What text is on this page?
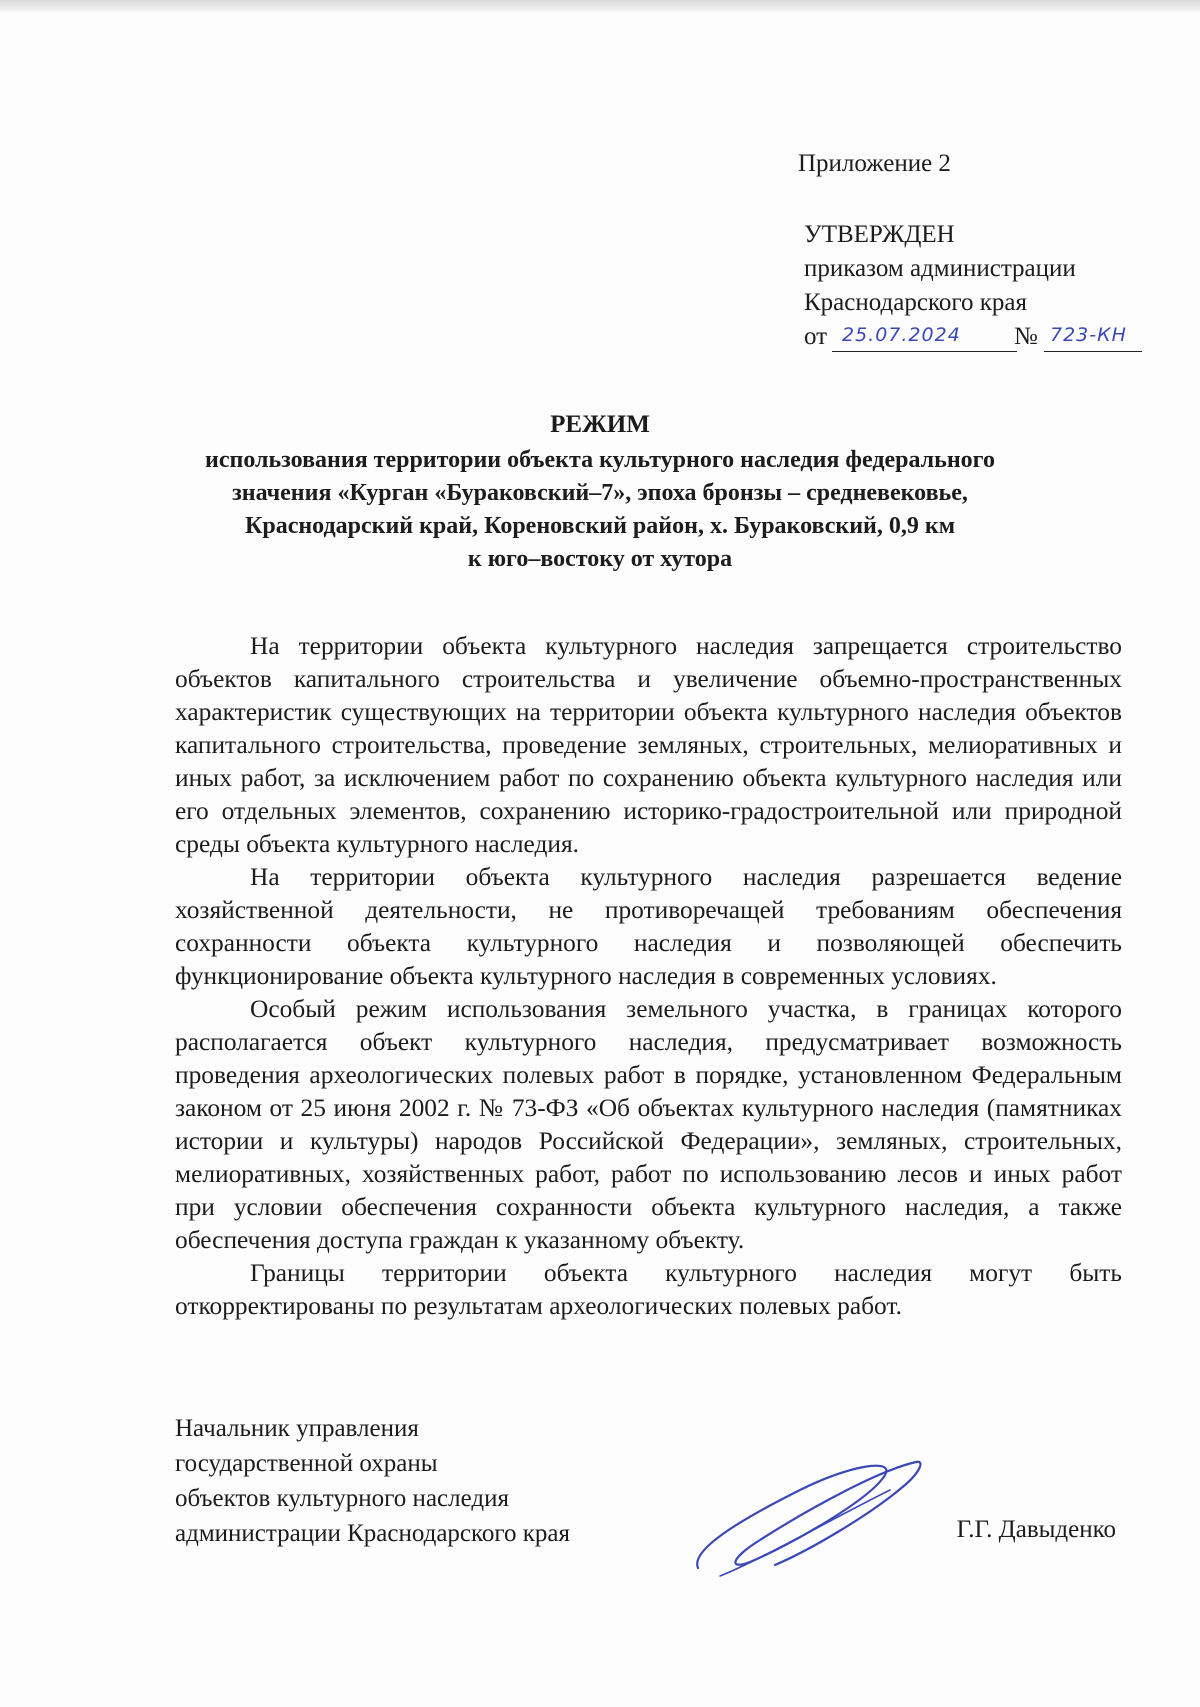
Приложение 2
УТВЕРЖДЕН
приказом администрации
Краснодарского края
от 25.07.2024 № 723-КН
РЕЖИМ
использования территории объекта культурного наследия федерального
значения «Курган «Бураковский–7», эпоха бронзы – средневековье,
Краснодарский край, Кореновский район, х. Бураковский, 0,9 км
к юго–востоку от хутора

На территории объекта культурного наследия запрещается строительство объектов капитального строительства и увеличение объемно-пространственных характеристик существующих на территории объекта культурного наследия объектов капитального строительства, проведение земляных, строительных, мелиоративных и иных работ, за исключением работ по сохранению объекта культурного наследия или его отдельных элементов, сохранению историко-градостроительной или природной среды объекта культурного наследия.

На территории объекта культурного наследия разрешается ведение хозяйственной деятельности, не противоречащей требованиям обеспечения сохранности объекта культурного наследия и позволяющей обеспечить функционирование объекта культурного наследия в современных условиях.

Особый режим использования земельного участка, в границах которого располагается объект культурного наследия, предусматривает возможность проведения археологических полевых работ в порядке, установленном Федеральным законом от 25 июня 2002 г. № 73-ФЗ «Об объектах культурного наследия (памятниках истории и культуры) народов Российской Федерации», земляных, строительных, мелиоративных, хозяйственных работ, работ по использованию лесов и иных работ при условии обеспечения сохранности объекта культурного наследия, а также обеспечения доступа граждан к указанному объекту.

Границы территории объекта культурного наследия могут быть откорректированы по результатам археологических полевых работ.

Начальник управления
государственной охраны
объектов культурного наследия
администрации Краснодарского края	Г.Г. Давыденко
